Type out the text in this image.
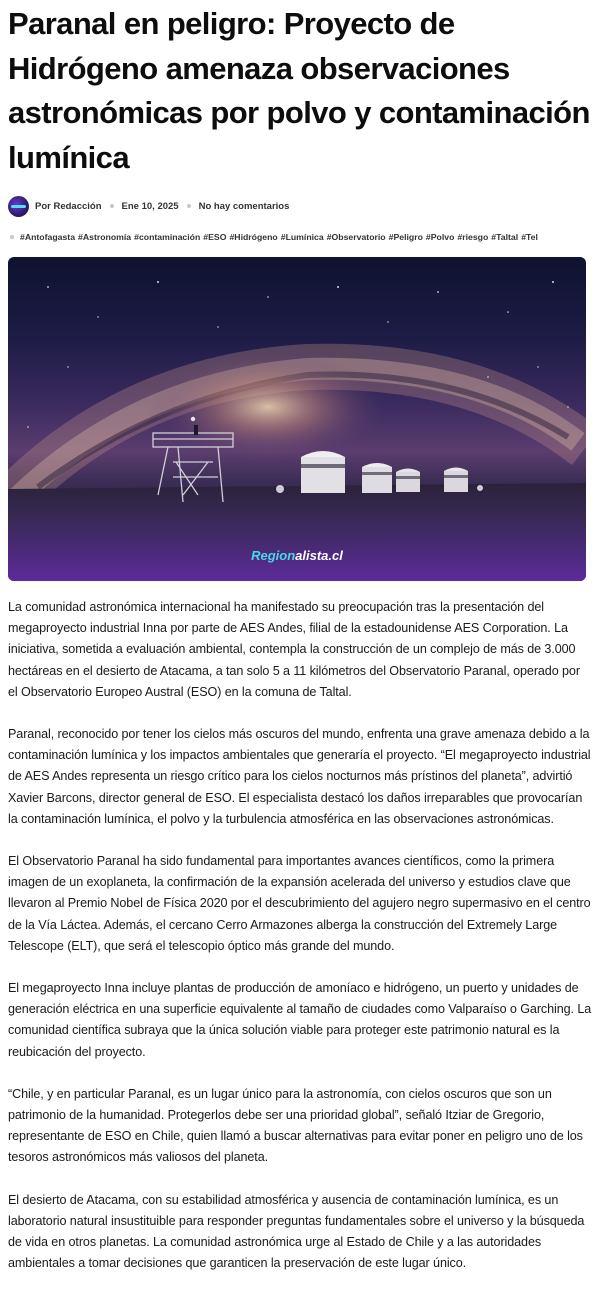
Paranal en peligro: Proyecto de Hidrógeno amenaza observaciones astronómicas por polvo y contaminación lumínica
Por Redacción Ene 10, 2025 No hay comentarios
#Antofagasta #Astronomía #contaminación #ESO #Hidrógeno #Lumínica #Observatorio #Peligro #Polvo #riesgo #Taltal #Tel
Regionalista.cl

La comunidad astronómica internacional ha manifestado su preocupación tras la presentación del megaproyecto industrial Inna por parte de AES Andes, filial de la estadounidense AES Corporation. La iniciativa, sometida a evaluación ambiental, contempla la construcción de un complejo de más de 3.000 hectáreas en el desierto de Atacama, a tan solo 5 a 11 kilómetros del Observatorio Paranal, operado por el Observatorio Europeo Austral (ESO) en la comuna de Taltal.

Paranal, reconocido por tener los cielos más oscuros del mundo, enfrenta una grave amenaza debido a la contaminación lumínica y los impactos ambientales que generaría el proyecto. “El megaproyecto industrial de AES Andes representa un riesgo crítico para los cielos nocturnos más prístinos del planeta”, advirtió Xavier Barcons, director general de ESO. El especialista destacó los daños irreparables que provocarían la contaminación lumínica, el polvo y la turbulencia atmosférica en las observaciones astronómicas.

El Observatorio Paranal ha sido fundamental para importantes avances científicos, como la primera imagen de un exoplaneta, la confirmación de la expansión acelerada del universo y estudios clave que llevaron al Premio Nobel de Física 2020 por el descubrimiento del agujero negro supermasivo en el centro de la Vía Láctea. Además, el cercano Cerro Armazones alberga la construcción del Extremely Large Telescope (ELT), que será el telescopio óptico más grande del mundo.

El megaproyecto Inna incluye plantas de producción de amoníaco e hidrógeno, un puerto y unidades de generación eléctrica en una superficie equivalente al tamaño de ciudades como Valparaíso o Garching. La comunidad científica subraya que la única solución viable para proteger este patrimonio natural es la reubicación del proyecto.

“Chile, y en particular Paranal, es un lugar único para la astronomía, con cielos oscuros que son un patrimonio de la humanidad. Protegerlos debe ser una prioridad global”, señaló Itziar de Gregorio, representante de ESO en Chile, quien llamó a buscar alternativas para evitar poner en peligro uno de los tesoros astronómicos más valiosos del planeta.

El desierto de Atacama, con su estabilidad atmosférica y ausencia de contaminación lumínica, es un laboratorio natural insustituible para responder preguntas fundamentales sobre el universo y la búsqueda de vida en otros planetas. La comunidad astronómica urge al Estado de Chile y a las autoridades ambientales a tomar decisiones que garanticen la preservación de este lugar único.
